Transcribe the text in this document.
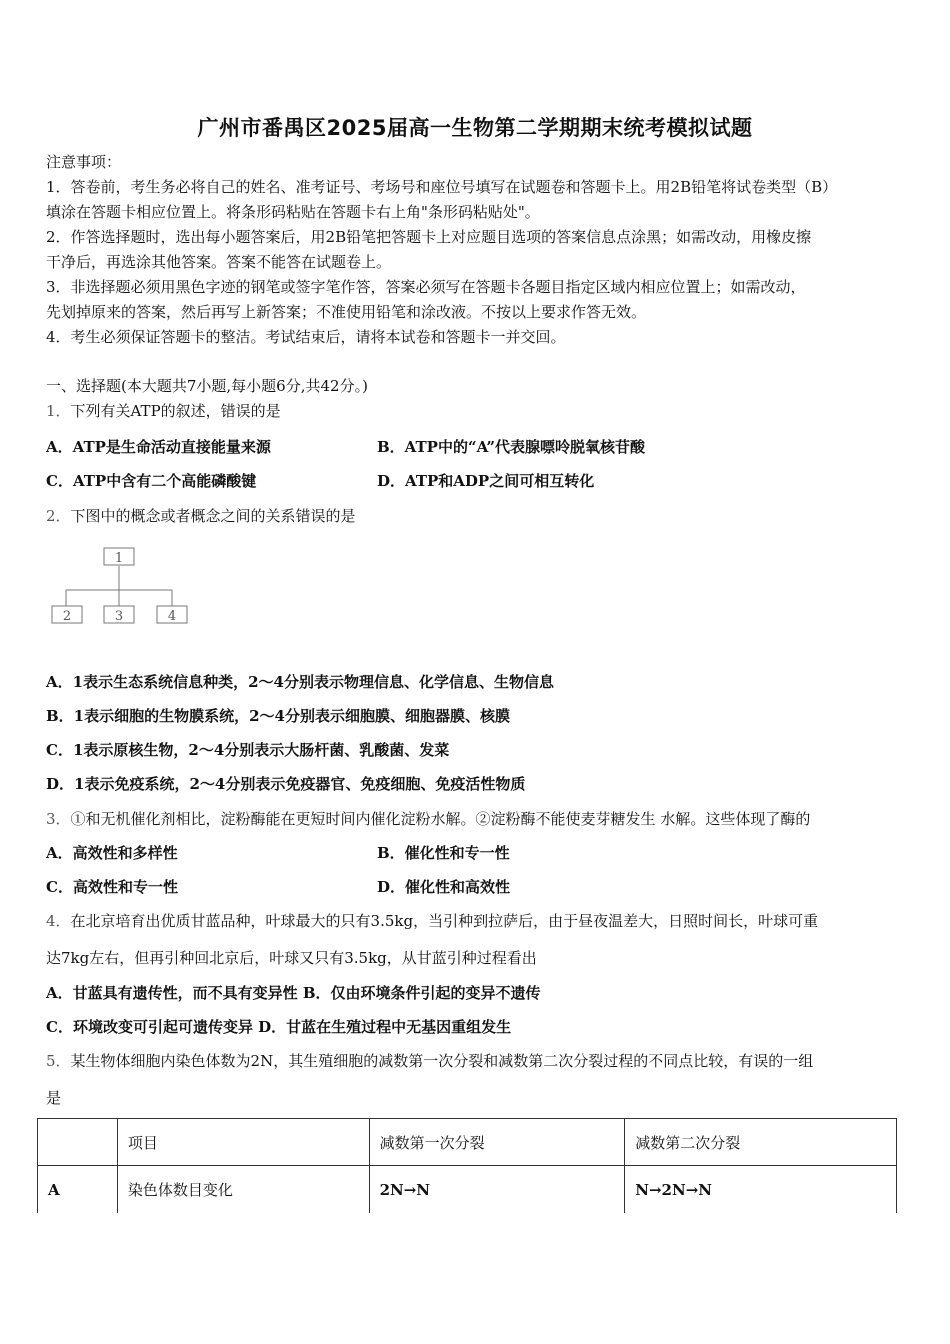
广州市番禺区2025届高一生物第二学期期末统考模拟试题
注意事项：
1．答卷前，考生务必将自己的姓名、准考证号、考场号和座位号填写在试题卷和答题卡上。用2B铅笔将试卷类型（B）
填涂在答题卡相应位置上。将条形码粘贴在答题卡右上角"条形码粘贴处"。
2．作答选择题时，选出每小题答案后，用2B铅笔把答题卡上对应题目选项的答案信息点涂黑；如需改动，用橡皮擦
干净后，再选涂其他答案。答案不能答在试题卷上。
3．非选择题必须用黑色字迹的钢笔或签字笔作答，答案必须写在答题卡各题目指定区域内相应位置上；如需改动，
先划掉原来的答案，然后再写上新答案；不准使用铅笔和涂改液。不按以上要求作答无效。
4．考生必须保证答题卡的整洁。考试结束后，请将本试卷和答题卡一并交回。
一、选择题(本大题共7小题,每小题6分,共42分。)
1．下列有关ATP的叙述，错误的是
A．ATP是生命活动直接能量来源	B．ATP中的“A”代表腺嘌呤脱氧核苷酸
C．ATP中含有二个高能磷酸键	D．ATP和ADP之间可相互转化
2．下图中的概念或者概念之间的关系错误的是
1
2	3	4
A．1表示生态系统信息种类，2～4分别表示物理信息、化学信息、生物信息
B．1表示细胞的生物膜系统，2～4分别表示细胞膜、细胞器膜、核膜
C．1表示原核生物，2～4分别表示大肠杆菌、乳酸菌、发菜
D．1表示免疫系统，2～4分别表示免疫器官、免疫细胞、免疫活性物质
3．①和无机催化剂相比，淀粉酶能在更短时间内催化淀粉水解。②淀粉酶不能使麦芽糖发生 水解。这些体现了酶的
A．高效性和多样性	B．催化性和专一性
C．高效性和专一性	D．催化性和高效性
4．在北京培育出优质甘蓝品种，叶球最大的只有3.5kg，当引种到拉萨后，由于昼夜温差大，日照时间长，叶球可重
达7kg左右，但再引种回北京后，叶球又只有3.5kg，从甘蓝引种过程看出
A．甘蓝具有遗传性，而不具有变异性 B．仅由环境条件引起的变异不遗传
C．环境改变可引起可遗传变异 D．甘蓝在生殖过程中无基因重组发生
5．某生物体细胞内染色体数为2N，其生殖细胞的减数第一次分裂和减数第二次分裂过程的不同点比较，有误的一组
是
	项目	减数第一次分裂	减数第二次分裂
A	染色体数目变化	2N→N	N→2N→N
